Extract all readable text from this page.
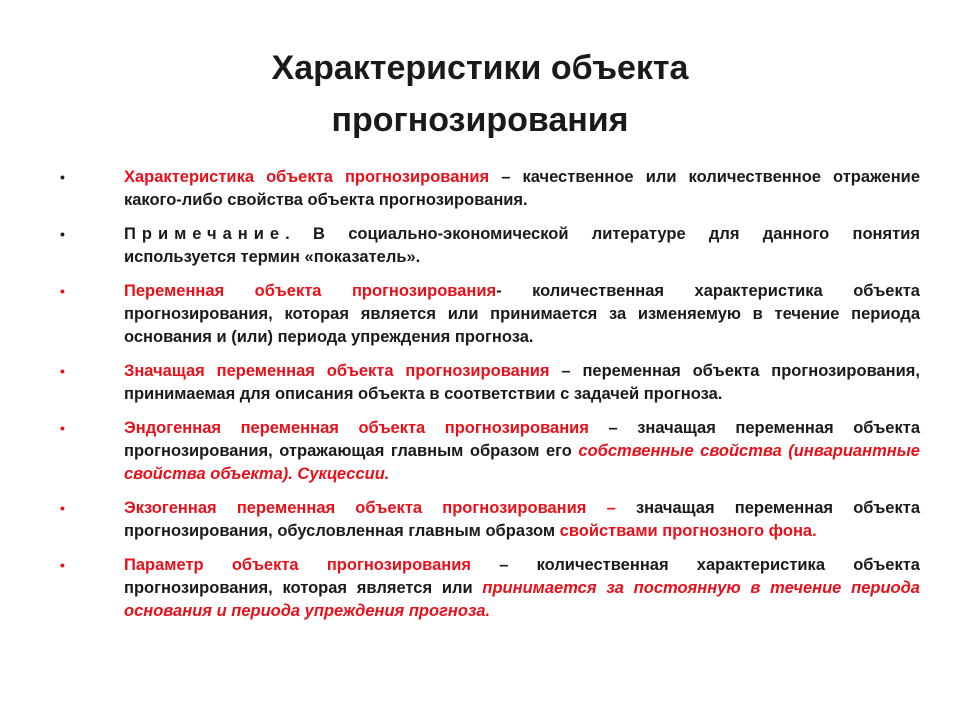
Характеристики объекта
прогнозирования
•	Характеристика объекта прогнозирования – качественное или количественное отражение какого-либо свойства объекта прогнозирования.
•	Примечание. В социально-экономической литературе для данного понятия используется термин «показатель».
•	Переменная объекта прогнозирования- количественная характеристика объекта прогнозирования, которая является или принимается за изменяемую в течение периода основания и (или) периода упреждения прогноза.
•	Значащая переменная объекта прогнозирования – переменная объекта прогнозирования, принимаемая для описания объекта в соответствии с задачей прогноза.
•	Эндогенная переменная объекта прогнозирования – значащая переменная объекта прогнозирования, отражающая главным образом его собственные свойства (инвариантные свойства объекта). Сукцессии.
•	Экзогенная переменная объекта прогнозирования – значащая переменная объекта прогнозирования, обусловленная главным образом свойствами прогнозного фона.
•	Параметр объекта прогнозирования – количественная характеристика объекта прогнозирования, которая является или принимается за постоянную в течение периода основания и периода упреждения прогноза.
